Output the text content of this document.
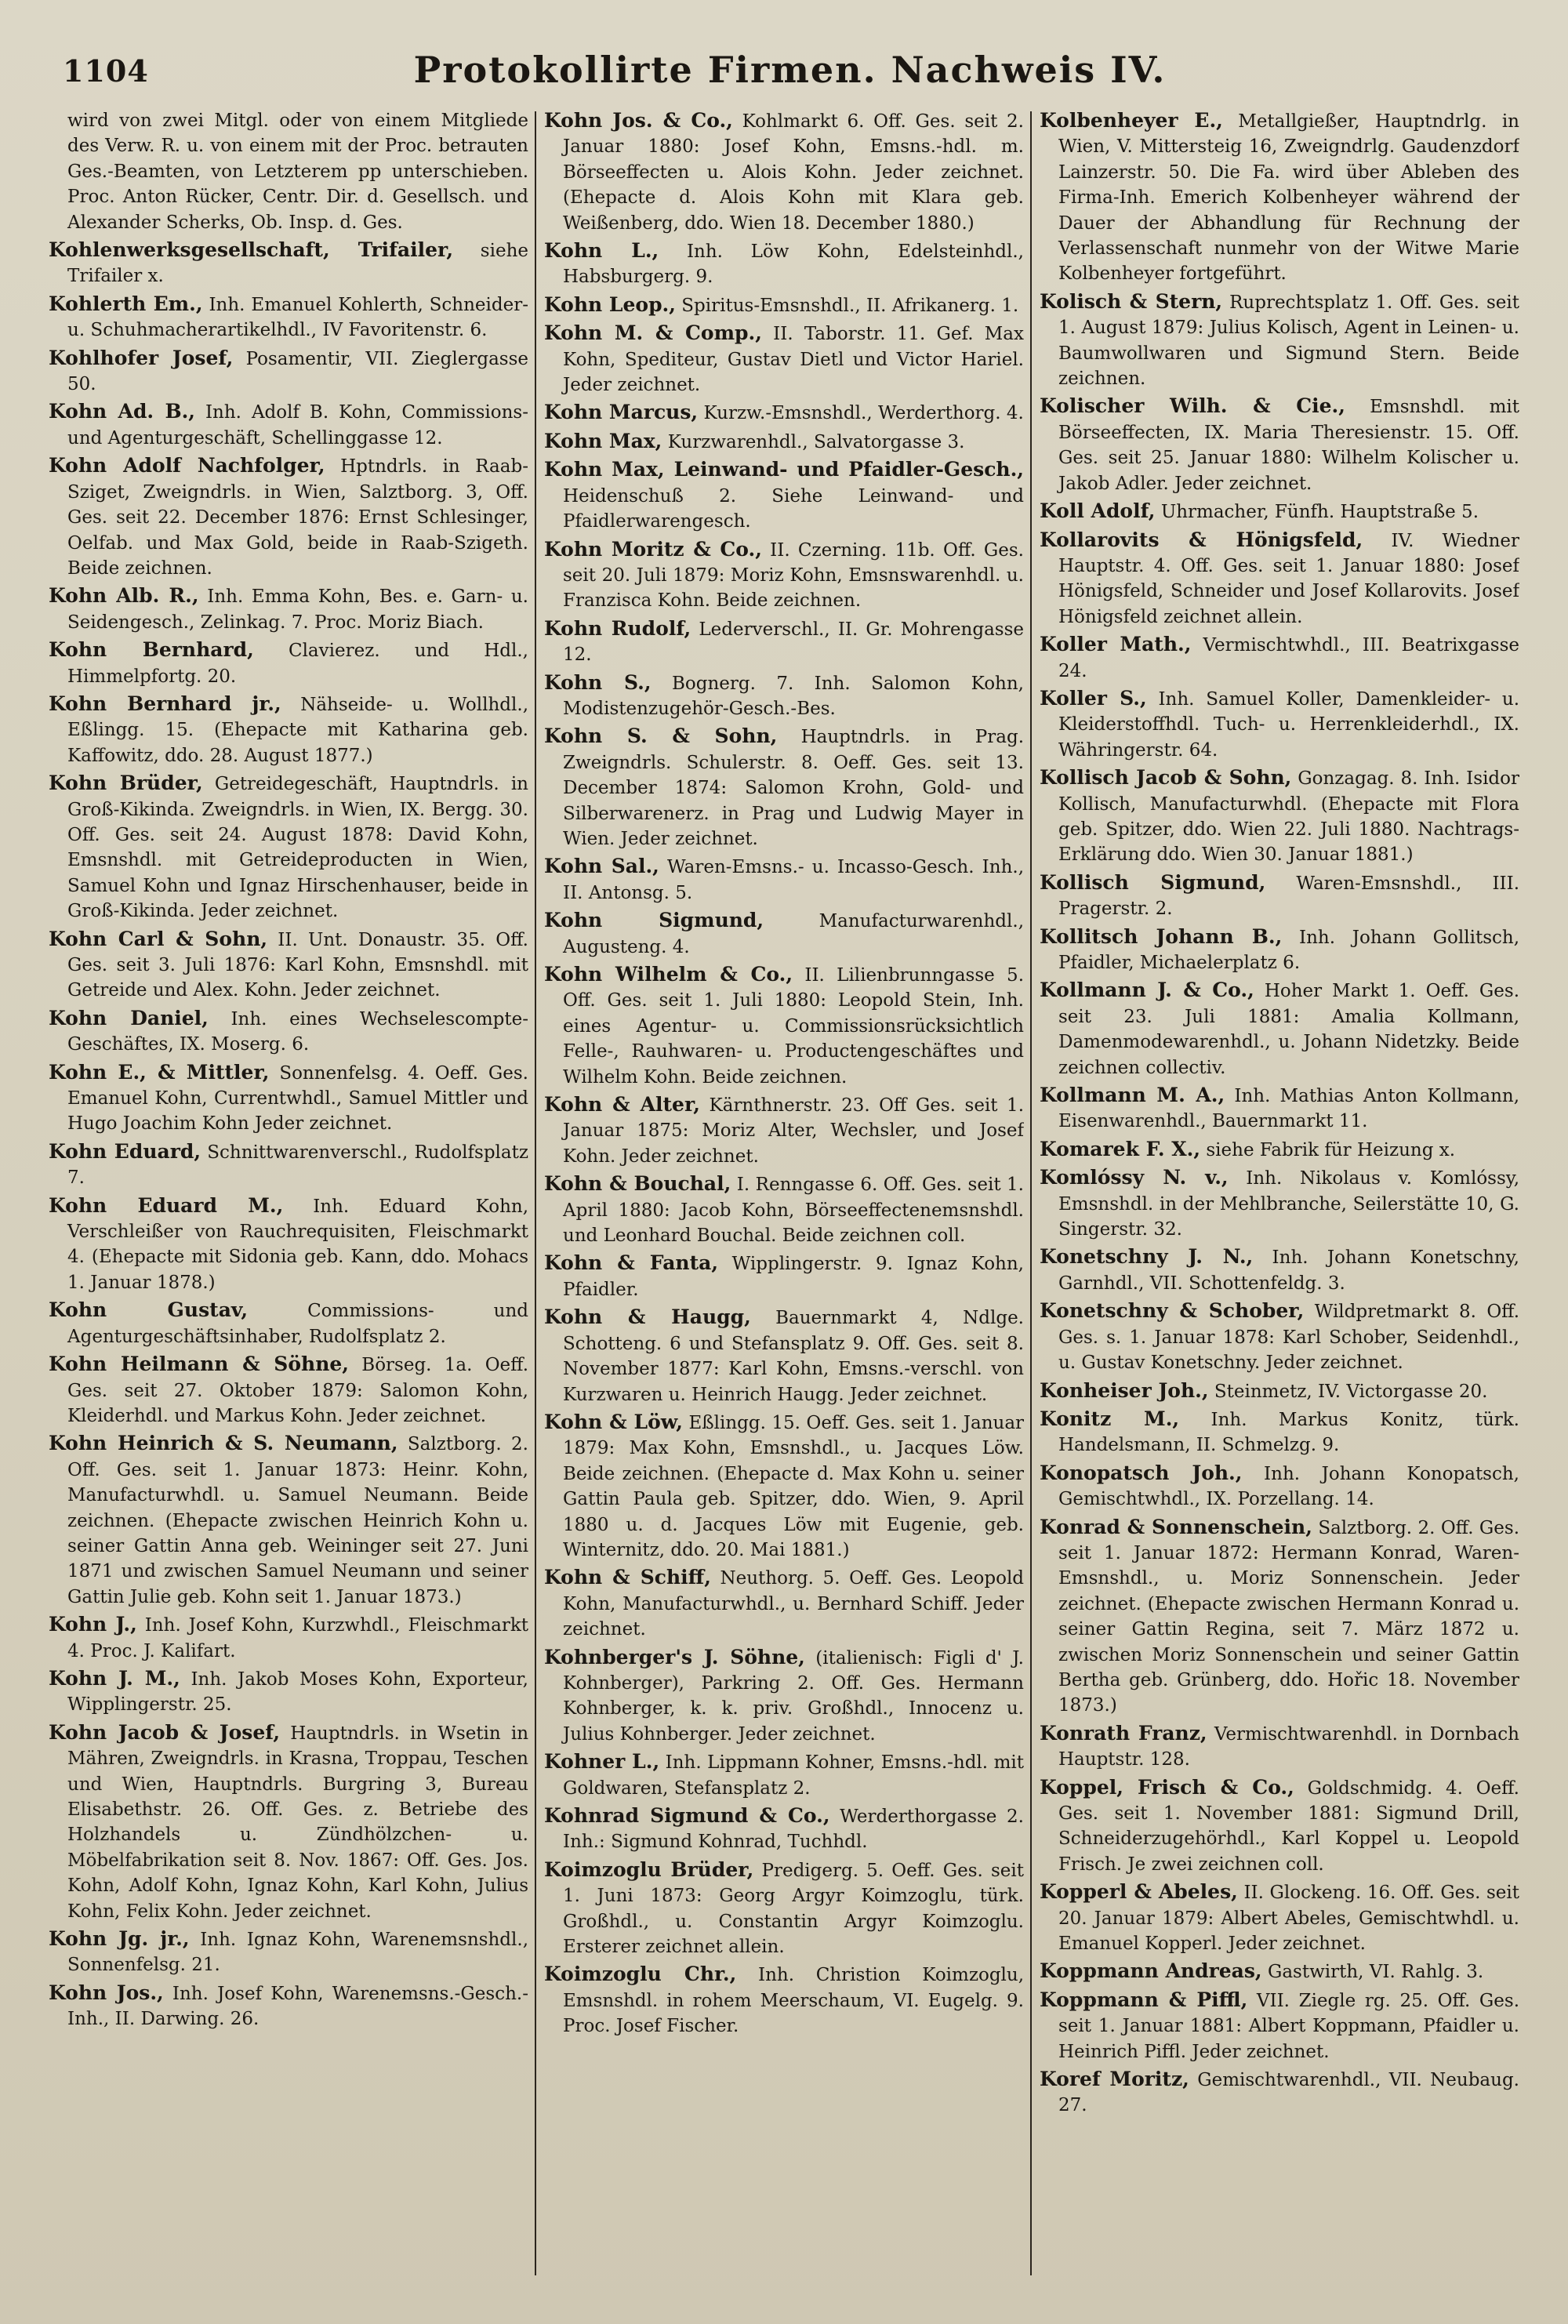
1104	Protokollirte Firmen. Nachweis IV.

wird von zwei Mitgl. oder von einem Mitgliede des Verw. R. u. von einem mit der Proc. betrauten Ges.-Beamten, von Letzterem pp unterschieben. Proc. Anton Rücker, Centr. Dir. d. Gesellsch. und Alexander Scherks, Ob. Insp. d. Ges.

Kohlenwerksgesellschaft, Trifailer, siehe Trifailer x.

Kohlerth Em., Inh. Emanuel Kohlerth, Schneider- u. Schuhmacherartikelhdl., IV Favoritenstr. 6.

Kohlhofer Josef, Posamentir, VII. Zieglergasse 50.

Kohn Ad. B., Inh. Adolf B. Kohn, Commissions- und Agenturgeschäft, Schellinggasse 12.

Kohn Adolf Nachfolger, Hptndrls. in Raab-Sziget, Zweigndrls. in Wien, Salztborg. 3, Off. Ges. seit 22. December 1876: Ernst Schlesinger, Oelfab. und Max Gold, beide in Raab-Szigeth. Beide zeichnen.

Kohn Alb. R., Inh. Emma Kohn, Bes. e. Garn- u. Seidengesch., Zelinkag. 7. Proc. Moriz Biach.

Kohn Bernhard, Clavierez. und Hdl., Himmelpfortg. 20.

Kohn Bernhard jr., Nähseide- u. Wollhdl., Eßlingg. 15. (Ehepacte mit Katharina geb. Kaffowitz, ddo. 28. August 1877.)

Kohn Brüder, Getreidegeschäft, Hauptndrls. in Groß-Kikinda. Zweigndrls. in Wien, IX. Bergg. 30. Off. Ges. seit 24. August 1878: David Kohn, Emsnshdl. mit Getreideproducten in Wien, Samuel Kohn und Ignaz Hirschenhauser, beide in Groß-Kikinda. Jeder zeichnet.

Kohn Carl & Sohn, II. Unt. Donaustr. 35. Off. Ges. seit 3. Juli 1876: Karl Kohn, Emsnshdl. mit Getreide und Alex. Kohn. Jeder zeichnet.

Kohn Daniel, Inh. eines Wechselescompte-Geschäftes, IX. Moserg. 6.

Kohn E., & Mittler, Sonnenfelsg. 4. Oeff. Ges. Emanuel Kohn, Currentwhdl., Samuel Mittler und Hugo Joachim Kohn Jeder zeichnet.

Kohn Eduard, Schnittwarenverschl., Rudolfsplatz 7.

Kohn Eduard M., Inh. Eduard Kohn, Verschleißer von Rauchrequisiten, Fleischmarkt 4. (Ehepacte mit Sidonia geb. Kann, ddo. Mohacs 1. Januar 1878.)

Kohn Gustav,	Commissions- und Agenturgeschäftsinhaber, Rudolfsplatz 2.

Kohn Heilmann & Söhne, Börseg. 1a. Oeff. Ges. seit 27. Oktober 1879: Salomon Kohn, Kleiderhdl. und Markus Kohn. Jeder zeichnet.

Kohn Heinrich & S. Neumann, Salztborg. 2. Off. Ges. seit 1. Januar 1873: Heinr. Kohn, Manufacturwhdl. u. Samuel Neumann. Beide zeichnen. (Ehepacte zwischen Heinrich Kohn u. seiner Gattin Anna geb. Weininger seit 27. Juni 1871 und zwischen Samuel Neumann und seiner Gattin Julie geb. Kohn seit 1. Januar 1873.)

Kohn J., Inh. Josef Kohn, Kurzwhdl., Fleischmarkt 4. Proc. J. Kalifart.

Kohn J. M., Inh. Jakob Moses Kohn, Exporteur, Wipplingerstr. 25.

Kohn Jacob & Josef, Hauptndrls. in Wsetin in Mähren, Zweigndrls. in Krasna, Troppau, Teschen und Wien, Hauptndrls. Burgring 3, Bureau Elisabethstr. 26. Off. Ges. z. Betriebe des Holzhandels u. Zündhölzchen- u. Möbelfabrikation seit 8. Nov. 1867: Off. Ges. Jos. Kohn, Adolf Kohn, Ignaz Kohn, Karl Kohn, Julius Kohn, Felix Kohn. Jeder zeichnet.

Kohn Jg. jr., Inh. Ignaz Kohn, Warenemsnshdl., Sonnenfelsg. 21.

Kohn Jos., Inh. Josef Kohn, Warenemsns.-Gesch.-Inh., II. Darwing. 26.

Kohn Jos. & Co., Kohlmarkt 6. Off. Ges. seit 2. Januar 1880: Josef Kohn, Emsns.-hdl. m. Börseeffecten u. Alois Kohn. Jeder zeichnet. (Ehepacte d. Alois Kohn mit Klara geb. Weißenberg, ddo. Wien 18. December 1880.)

Kohn L., Inh. Löw Kohn, Edelsteinhdl., Habsburgerg. 9.

Kohn Leop., Spiritus-Emsnshdl., II. Afrikanerg. 1.

Kohn M. & Comp., II. Taborstr. 11. Gef. Max Kohn, Spediteur, Gustav Dietl und Victor Hariel. Jeder zeichnet.

Kohn Marcus, Kurzw.-Emsnshdl., Werderthorg. 4.

Kohn Max, Kurzwarenhdl., Salvatorgasse 3.

Kohn Max, Leinwand- und Pfaidler-Gesch., Heidenschuß 2. Siehe Leinwand- und Pfaidlerwarengesch.

Kohn Moritz & Co., II. Czerning. 11b. Off. Ges. seit 20. Juli 1879: Moriz Kohn, Emsnswarenhdl. u. Franzisca Kohn. Beide zeichnen.

Kohn Rudolf, Lederverschl., II. Gr. Mohrengasse 12.

Kohn S., Bognerg. 7. Inh. Salomon Kohn, Modistenzugehör-Gesch.-Bes.

Kohn S. & Sohn, Hauptndrls. in Prag. Zweigndrls. Schulerstr. 8. Oeff. Ges. seit 13. December 1874: Salomon Krohn, Gold- und Silberwarenerz. in Prag und Ludwig Mayer in Wien. Jeder zeichnet.

Kohn Sal., Waren-Emsns.- u. Incasso-Gesch. Inh., II. Antonsg. 5.

Kohn Sigmund,	Manufacturwarenhdl., Augusteng. 4.

Kohn Wilhelm & Co., II. Lilienbrunngasse 5. Off. Ges. seit 1. Juli 1880: Leopold Stein, Inh. eines Agentur- u. Commissionsrücksichtlich Felle-, Rauhwaren- u. Productengeschäftes und Wilhelm Kohn. Beide zeichnen.

Kohn & Alter, Kärnthnerstr. 23. Off Ges. seit 1. Januar 1875: Moriz Alter, Wechsler, und Josef Kohn. Jeder zeichnet.

Kohn & Bouchal, I. Renngasse 6. Off. Ges. seit 1. April 1880: Jacob Kohn, Börseeffectenemsnshdl. und Leonhard Bouchal. Beide zeichnen coll.

Kohn & Fanta, Wipplingerstr. 9. Ignaz Kohn, Pfaidler.

Kohn & Haugg, Bauernmarkt 4, Ndlge. Schotteng. 6 und Stefansplatz 9. Off. Ges. seit 8. November 1877: Karl Kohn, Emsns.-verschl. von Kurzwaren u. Heinrich Haugg. Jeder zeichnet.

Kohn & Löw, Eßlingg. 15. Oeff. Ges. seit 1. Januar 1879: Max Kohn, Emsnshdl., u. Jacques Löw. Beide zeichnen. (Ehepacte d. Max Kohn u. seiner Gattin Paula geb. Spitzer, ddo. Wien, 9. April 1880 u. d. Jacques Löw mit Eugenie, geb. Winternitz, ddo. 20. Mai 1881.)

Kohn & Schiff, Neuthorg. 5. Oeff. Ges. Leopold Kohn, Manufacturwhdl., u. Bernhard Schiff. Jeder zeichnet.

Kohnberger's J. Söhne, (italienisch: Figli d' J. Kohnberger), Parkring 2. Off. Ges. Hermann Kohnberger, k. k. priv. Großhdl., Innocenz u. Julius Kohnberger. Jeder zeichnet.

Kohner L., Inh. Lippmann Kohner, Emsns.-hdl. mit Goldwaren, Stefansplatz 2.

Kohnrad Sigmund & Co., Werderthorgasse 2. Inh.: Sigmund Kohnrad, Tuchhdl.

Koimzoglu Brüder, Predigerg. 5. Oeff. Ges. seit 1. Juni 1873: Georg Argyr Koimzoglu, türk. Großhdl., u. Constantin Argyr Koimzoglu. Ersterer zeichnet allein.

Koimzoglu Chr., Inh. Christion Koimzoglu, Emsnshdl. in rohem Meerschaum, VI. Eugelg. 9. Proc. Josef Fischer.

Kolbenheyer E., Metallgießer, Hauptndrlg. in Wien, V. Mittersteig 16, Zweigndrlg. Gaudenzdorf Lainzerstr. 50. Die Fa. wird über Ableben des Firma-Inh. Emerich Kolbenheyer während der Dauer der Abhandlung für Rechnung der Verlassenschaft nunmehr von der Witwe Marie Kolbenheyer fortgeführt.

Kolisch & Stern, Ruprechtsplatz 1. Off. Ges. seit 1. August 1879: Julius Kolisch, Agent in Leinen- u. Baumwollwaren und Sigmund Stern. Beide zeichnen.

Kolischer Wilh. & Cie., Emsnshdl. mit Börseeffecten, IX. Maria Theresienstr. 15. Off. Ges. seit 25. Januar 1880: Wilhelm Kolischer u. Jakob Adler. Jeder zeichnet.

Koll Adolf, Uhrmacher, Fünfh. Hauptstraße 5.

Kollarovits & Hönigsfeld, IV. Wiedner Hauptstr. 4. Off. Ges. seit 1. Januar 1880: Josef Hönigsfeld, Schneider und Josef Kollarovits. Josef Hönigsfeld zeichnet allein.

Koller Math., Vermischtwhdl., III. Beatrixgasse 24.

Koller S., Inh. Samuel Koller, Damenkleider- u. Kleiderstoffhdl. Tuch- u. Herrenkleiderhdl., IX. Währingerstr. 64.

Kollisch Jacob & Sohn, Gonzagag. 8. Inh. Isidor Kollisch, Manufacturwhdl. (Ehepacte mit Flora geb. Spitzer, ddo. Wien 22. Juli 1880. Nachtrags-Erklärung ddo. Wien 30. Januar 1881.)

Kollisch Sigmund, Waren-Emsnshdl., III. Pragerstr. 2.

Kollitsch Johann B., Inh. Johann Gollitsch, Pfaidler, Michaelerplatz 6.

Kollmann J. & Co., Hoher Markt 1. Oeff. Ges. seit 23. Juli 1881: Amalia Kollmann, Damenmodewarenhdl., u. Johann Nidetzky. Beide zeichnen collectiv.

Kollmann M. A., Inh. Mathias Anton Kollmann, Eisenwarenhdl., Bauernmarkt 11.

Komarek F. X., siehe Fabrik für Heizung x.

Komlóssy N. v., Inh. Nikolaus v. Komlóssy, Emsnshdl. in der Mehlbranche, Seilerstätte 10, G. Singerstr. 32.

Konetschny J. N., Inh. Johann Konetschny, Garnhdl., VII. Schottenfeldg. 3.

Konetschny & Schober, Wildpretmarkt 8. Off. Ges. s. 1. Januar 1878: Karl Schober, Seidenhdl., u. Gustav Konetschny. Jeder zeichnet.

Konheiser Joh., Steinmetz, IV. Victorgasse 20.

Konitz M., Inh. Markus Konitz, türk. Handelsmann, II. Schmelzg. 9.

Konopatsch Joh., Inh. Johann Konopatsch, Gemischtwhdl., IX. Porzellang. 14.

Konrad & Sonnenschein, Salztborg. 2. Off. Ges. seit 1. Januar 1872: Hermann Konrad, Waren-Emsnshdl., u. Moriz Sonnenschein. Jeder zeichnet. (Ehepacte zwischen Hermann Konrad u. seiner Gattin Regina, seit 7. März 1872 u. zwischen Moriz Sonnenschein und seiner Gattin Bertha geb. Grünberg, ddo. Hořic 18. November 1873.)

Konrath Franz, Vermischtwarenhdl. in Dornbach Hauptstr. 128.

Koppel, Frisch & Co., Goldschmidg. 4. Oeff. Ges. seit 1. November 1881: Sigmund Drill, Schneiderzugehörhdl., Karl Koppel u. Leopold Frisch. Je zwei zeichnen coll.

Kopperl & Abeles, II. Glockeng. 16. Off. Ges. seit 20. Januar 1879: Albert Abeles, Gemischtwhdl. u. Emanuel Kopperl. Jeder zeichnet.

Koppmann Andreas, Gastwirth, VI. Rahlg. 3.

Koppmann & Piffl, VII. Ziegle rg. 25. Off. Ges. seit 1. Januar 1881: Albert Koppmann, Pfaidler u. Heinrich Piffl. Jeder zeichnet.

Koref Moritz, Gemischtwarenhdl., VII. Neubaug. 27.
